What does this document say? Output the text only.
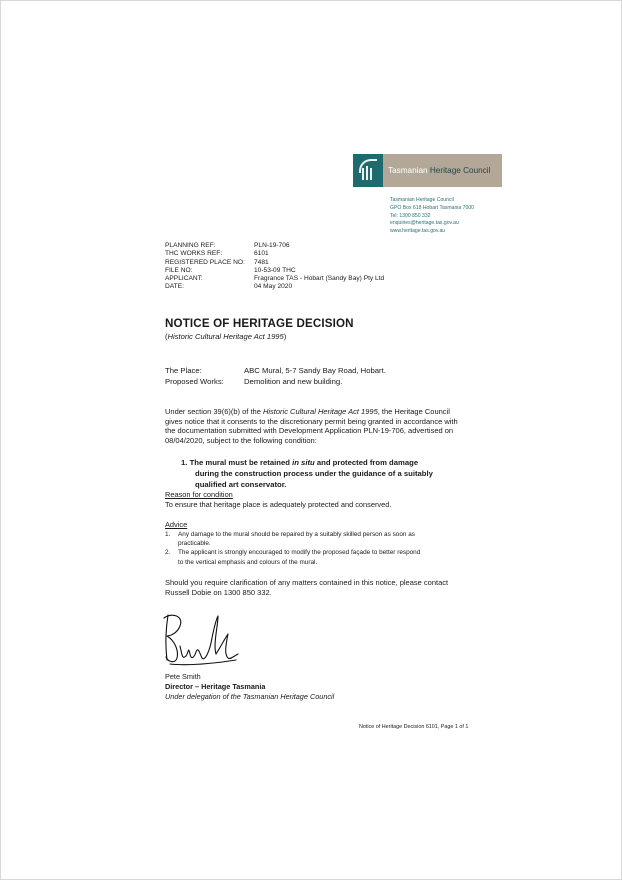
Tasmanian Heritage Council
Tasmanian Heritage Council
GPO Box 618 Hobart Tasmania 7000
Tel: 1300 850 332
enquiries@heritage.tas.gov.au
www.heritage.tas.gov.au
PLANNING REF:	PLN-19-706
THC WORKS REF:	6101
REGISTERED PLACE NO:	7481
FILE NO:	10-53-09 THC
APPLICANT:	Fragrance TAS - Hobart (Sandy Bay) Pty Ltd
DATE:	04 May 2020
NOTICE OF HERITAGE DECISION
(Historic Cultural Heritage Act 1995)
The Place:	ABC Mural, 5-7 Sandy Bay Road, Hobart.
Proposed Works:	Demolition and new building.
Under section 39(6)(b) of the Historic Cultural Heritage Act 1995, the Heritage Council
gives notice that it consents to the discretionary permit being granted in accordance with
the documentation submitted with Development Application PLN-19-706, advertised on
08/04/2020, subject to the following condition:
1. The mural must be retained in situ and protected from damage
during the construction process under the guidance of a suitably
qualified art conservator.
Reason for condition
To ensure that heritage place is adequately protected and conserved.
Advice
1.	Any damage to the mural should be repaired by a suitably skilled person as soon as
practicable.
2.	The applicant is strongly encouraged to modify the proposed façade to better respond
to the vertical emphasis and colours of the mural.
Should you require clarification of any matters contained in this notice, please contact
Russell Dobie on 1300 850 332.
Pete Smith
Director – Heritage Tasmania
Under delegation of the Tasmanian Heritage Council
Notice of Heritage Decision 6101, Page 1 of 1
